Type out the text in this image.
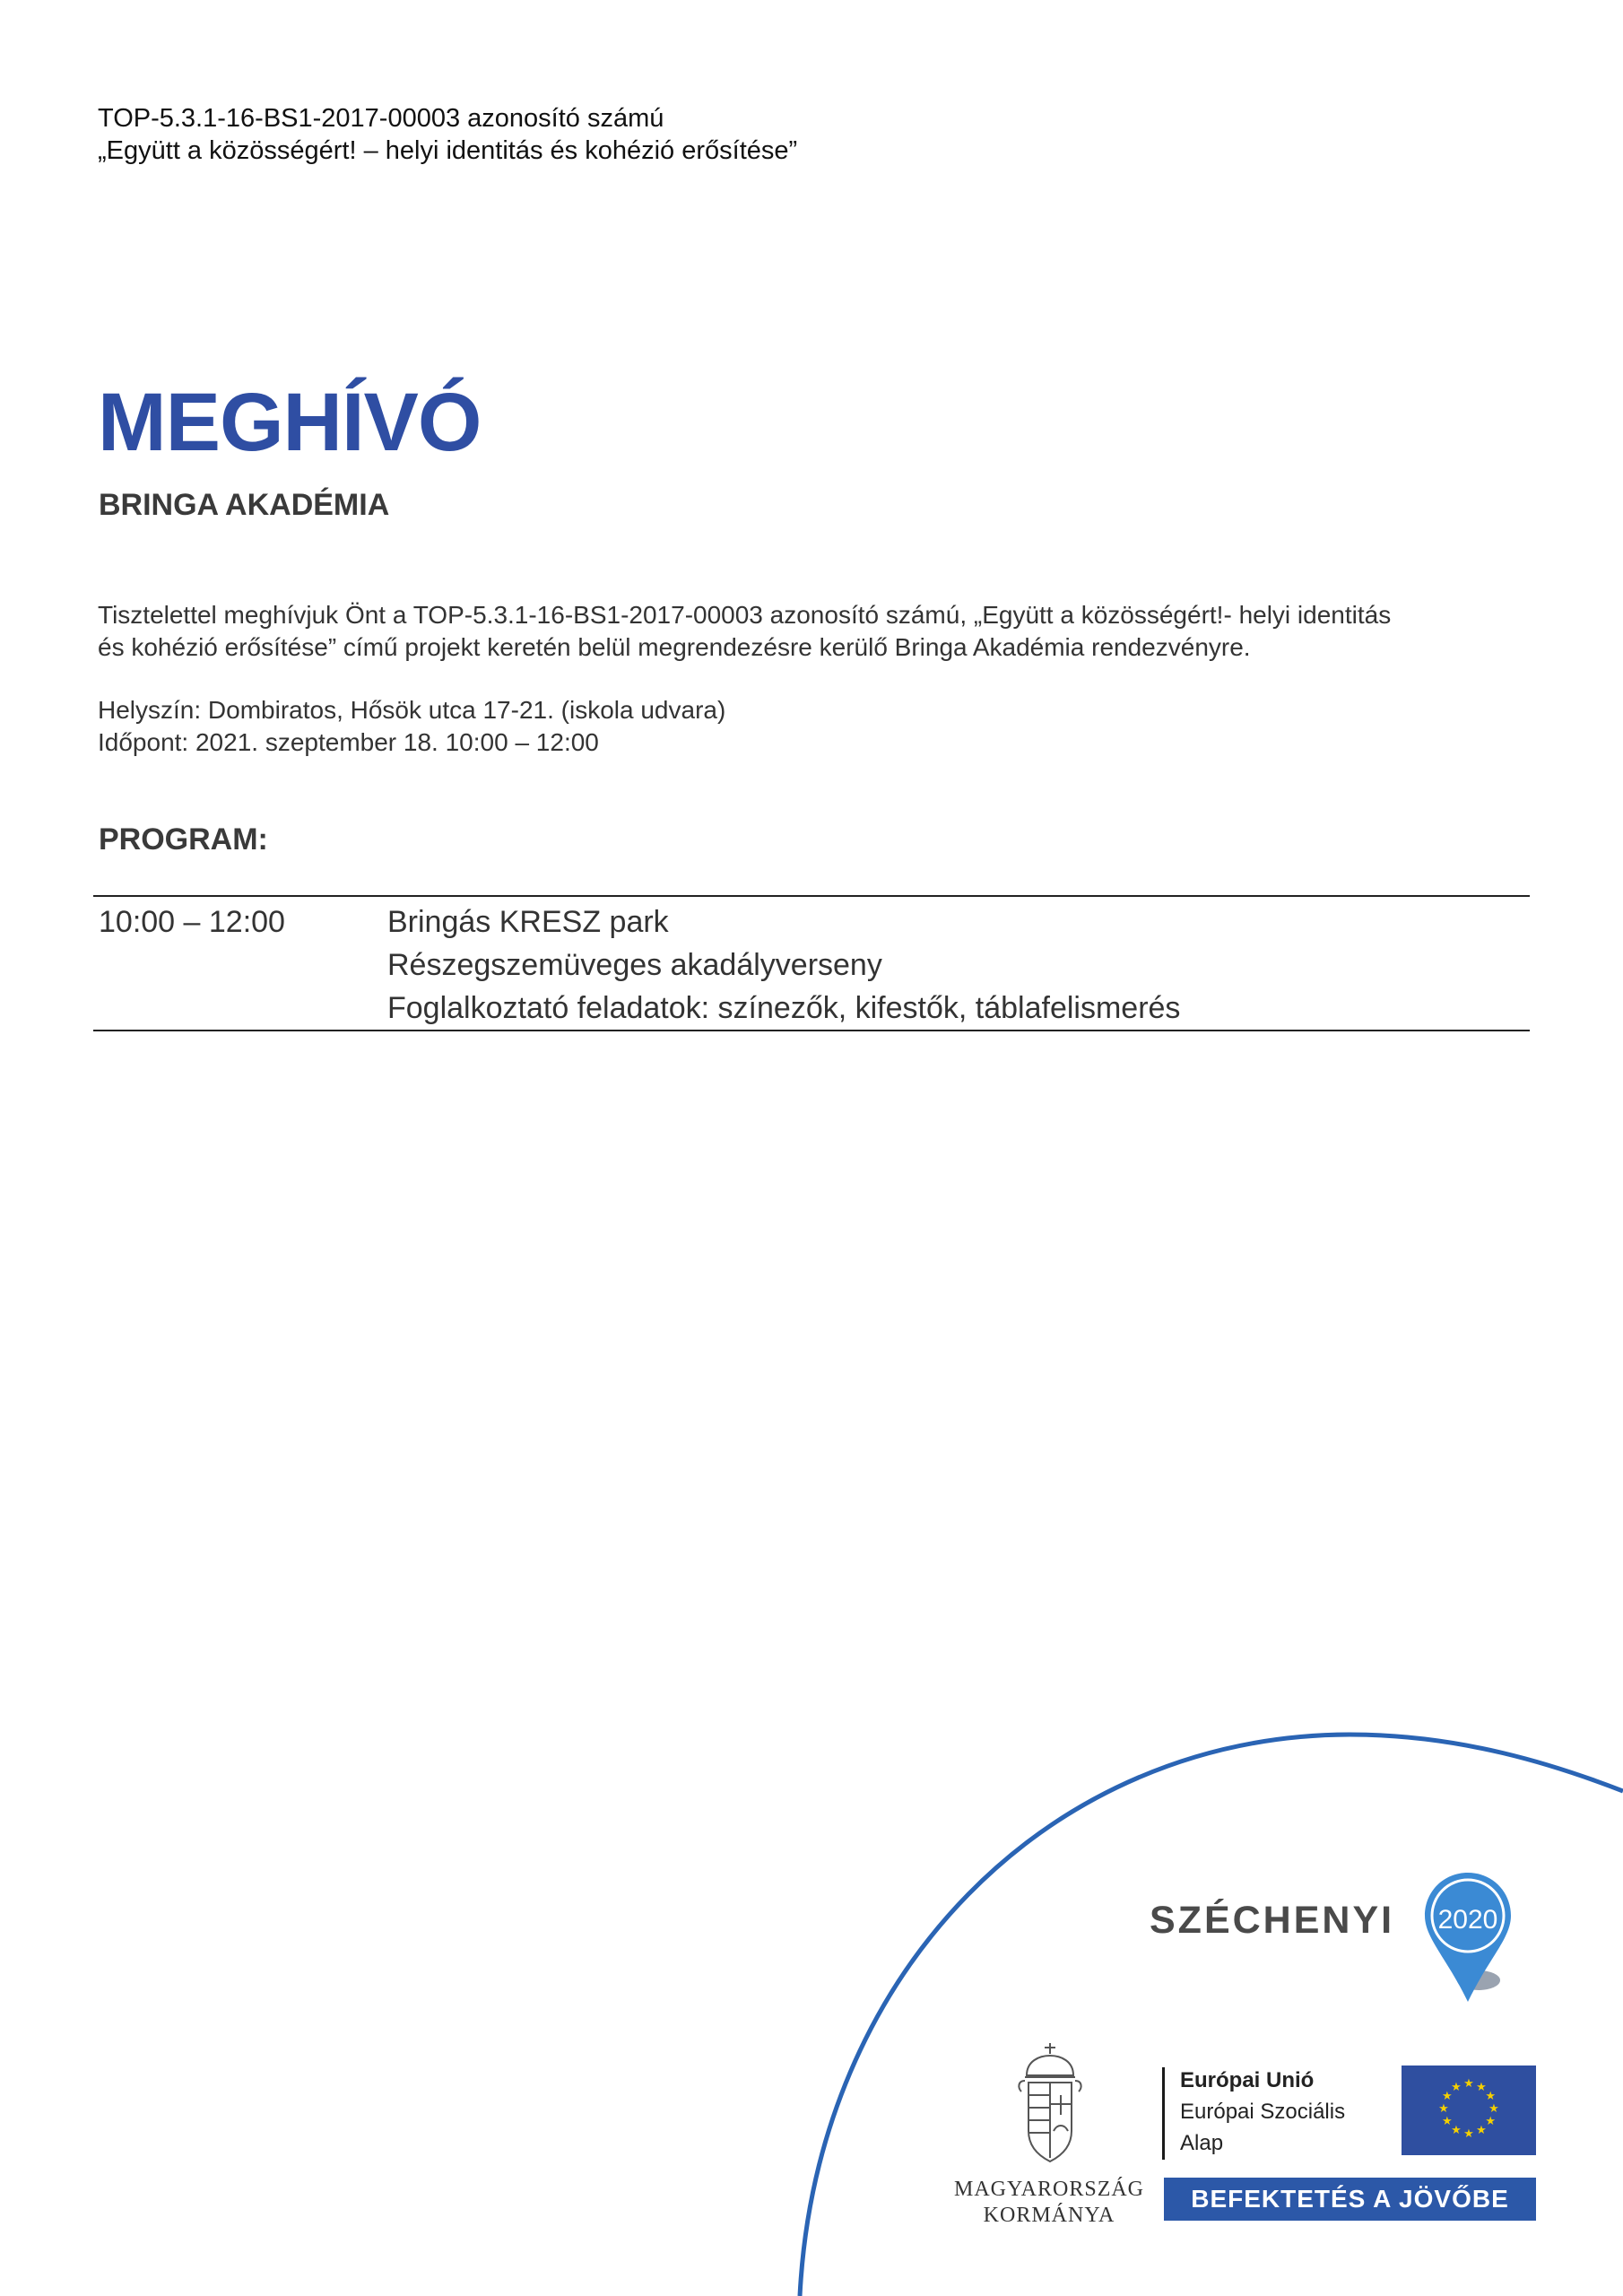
TOP-5.3.1-16-BS1-2017-00003 azonosító számú
„Együtt a közösségért! – helyi identitás és kohézió erősítése”
MEGHÍVÓ
BRINGA AKADÉMIA
Tisztelettel meghívjuk Önt a TOP-5.3.1-16-BS1-2017-00003 azonosító számú, „Együtt a közösségért!- helyi identitás
és kohézió erősítése” című projekt keretén belül megrendezésre kerülő Bringa Akadémia rendezvényre.
Helyszín: Dombiratos, Hősök utca 17-21. (iskola udvara)
Időpont: 2021. szeptember 18. 10:00 – 12:00
PROGRAM:
10:00 – 12:00	Bringás KRESZ park
Részegszemüveges akadályverseny
Foglalkoztató feladatok: színezők, kifestők, táblafelismerés
SZÉCHENYI 2020
MAGYARORSZÁG
KORMÁNYA
Európai Unió
Európai Szociális
Alap
★ ★
★
★
★
★
★
★
★
★
★
★
BEFEKTETÉS A JÖVŐBE
